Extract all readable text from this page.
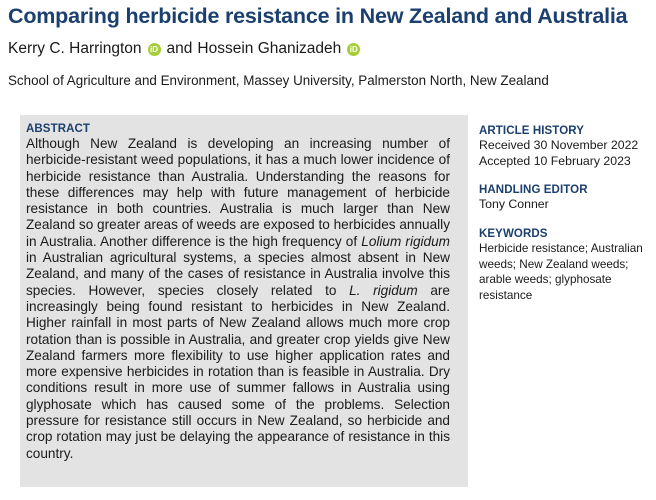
Comparing herbicide resistance in New Zealand and Australia
Kerry C. Harrington	iD and Hossein Ghanizadeh	iD
School of Agriculture and Environment, Massey University, Palmerston North, New Zealand
ABSTRACT
Although New Zealand is developing an increasing number of herbicide-resistant weed populations, it has a much lower incidence of herbicide resistance than Australia. Understanding the reasons for these differences may help with future management of herbicide resistance in both countries. Australia is much larger than New Zealand so greater areas of weeds are exposed to herbicides annually in Australia. Another difference is the high frequency of Lolium rigidum in Australian agricultural systems, a species almost absent in New Zealand, and many of the cases of resistance in Australia involve this species. However, species closely related to L. rigidum are increasingly being found resistant to herbicides in New Zealand. Higher rainfall in most parts of New Zealand allows much more crop rotation than is possible in Australia, and greater crop yields give New Zealand farmers more flexibility to use higher application rates and more expensive herbicides in rotation than is feasible in Australia. Dry conditions result in more use of summer fallows in Australia using glyphosate which has caused some of the problems. Selection pressure for resistance still occurs in New Zealand, so herbicide and crop rotation may just be delaying the appearance of resistance in this country.
ARTICLE HISTORY
Received 30 November 2022
Accepted 10 February 2023
HANDLING EDITOR
Tony Conner
KEYWORDS
Herbicide resistance; Australian weeds; New Zealand weeds; arable weeds; glyphosate resistance
